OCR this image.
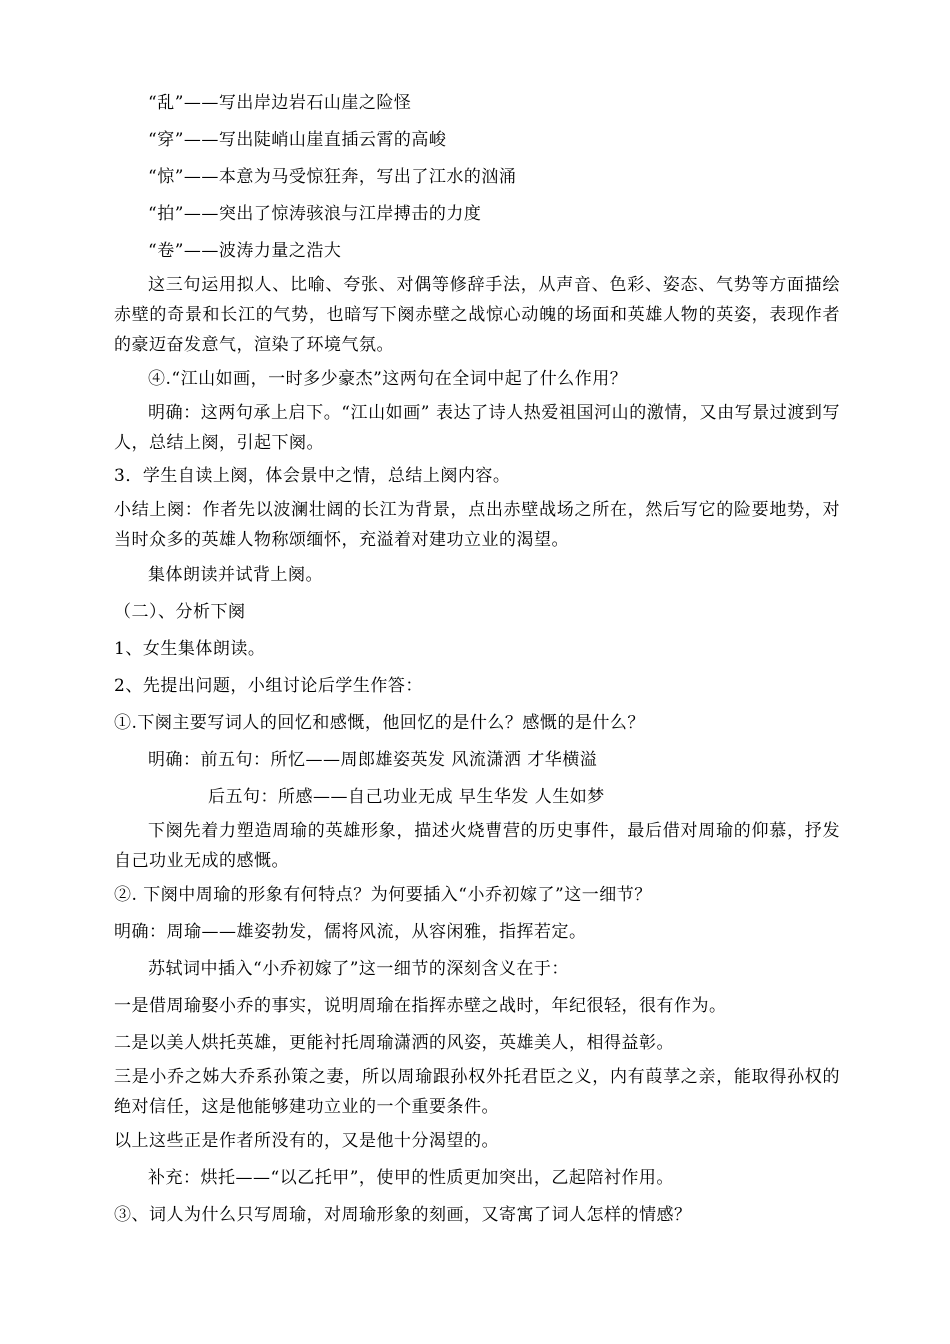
“乱”——写出岸边岩石山崖之险怪
“穿”——写出陡峭山崖直插云霄的高峻
“惊”——本意为马受惊狂奔，写出了江水的汹涌
“拍”——突出了惊涛骇浪与江岸搏击的力度
“卷”——波涛力量之浩大
这三句运用拟人、比喻、夸张、对偶等修辞手法，从声音、色彩、姿态、气势等方面描绘赤壁的奇景和长江的气势，也暗写下阕赤壁之战惊心动魄的场面和英雄人物的英姿，表现作者的豪迈奋发意气，渲染了环境气氛。
④.“江山如画，一时多少豪杰”这两句在全词中起了什么作用？
明确：这两句承上启下。“江山如画” 表达了诗人热爱祖国河山的激情，又由写景过渡到写人，总结上阕，引起下阕。
3．学生自读上阕，体会景中之情，总结上阕内容。
小结上阕：作者先以波澜壮阔的长江为背景，点出赤壁战场之所在，然后写它的险要地势，对当时众多的英雄人物称颂缅怀，充溢着对建功立业的渴望。
集体朗读并试背上阕。
（二）、分析下阕
1、女生集体朗读。
2、先提出问题，小组讨论后学生作答：
①.下阕主要写词人的回忆和感慨，他回忆的是什么？感慨的是什么？
明确：前五句：所忆——周郎雄姿英发 风流潇洒 才华横溢
后五句：所感——自己功业无成 早生华发 人生如梦
下阕先着力塑造周瑜的英雄形象，描述火烧曹营的历史事件，最后借对周瑜的仰慕，抒发自己功业无成的感慨。
②. 下阕中周瑜的形象有何特点？为何要插入“小乔初嫁了”这一细节？
明确：周瑜——雄姿勃发，儒将风流，从容闲雅，指挥若定。
苏轼词中插入“小乔初嫁了”这一细节的深刻含义在于：
一是借周瑜娶小乔的事实，说明周瑜在指挥赤壁之战时，年纪很轻，很有作为。
二是以美人烘托英雄，更能衬托周瑜潇洒的风姿，英雄美人，相得益彰。
三是小乔之姊大乔系孙策之妻，所以周瑜跟孙权外托君臣之义，内有葭莩之亲，能取得孙权的绝对信任，这是他能够建功立业的一个重要条件。
以上这些正是作者所没有的，又是他十分渴望的。
补充：烘托——“以乙托甲”，使甲的性质更加突出，乙起陪衬作用。
③、词人为什么只写周瑜，对周瑜形象的刻画，又寄寓了词人怎样的情感？
